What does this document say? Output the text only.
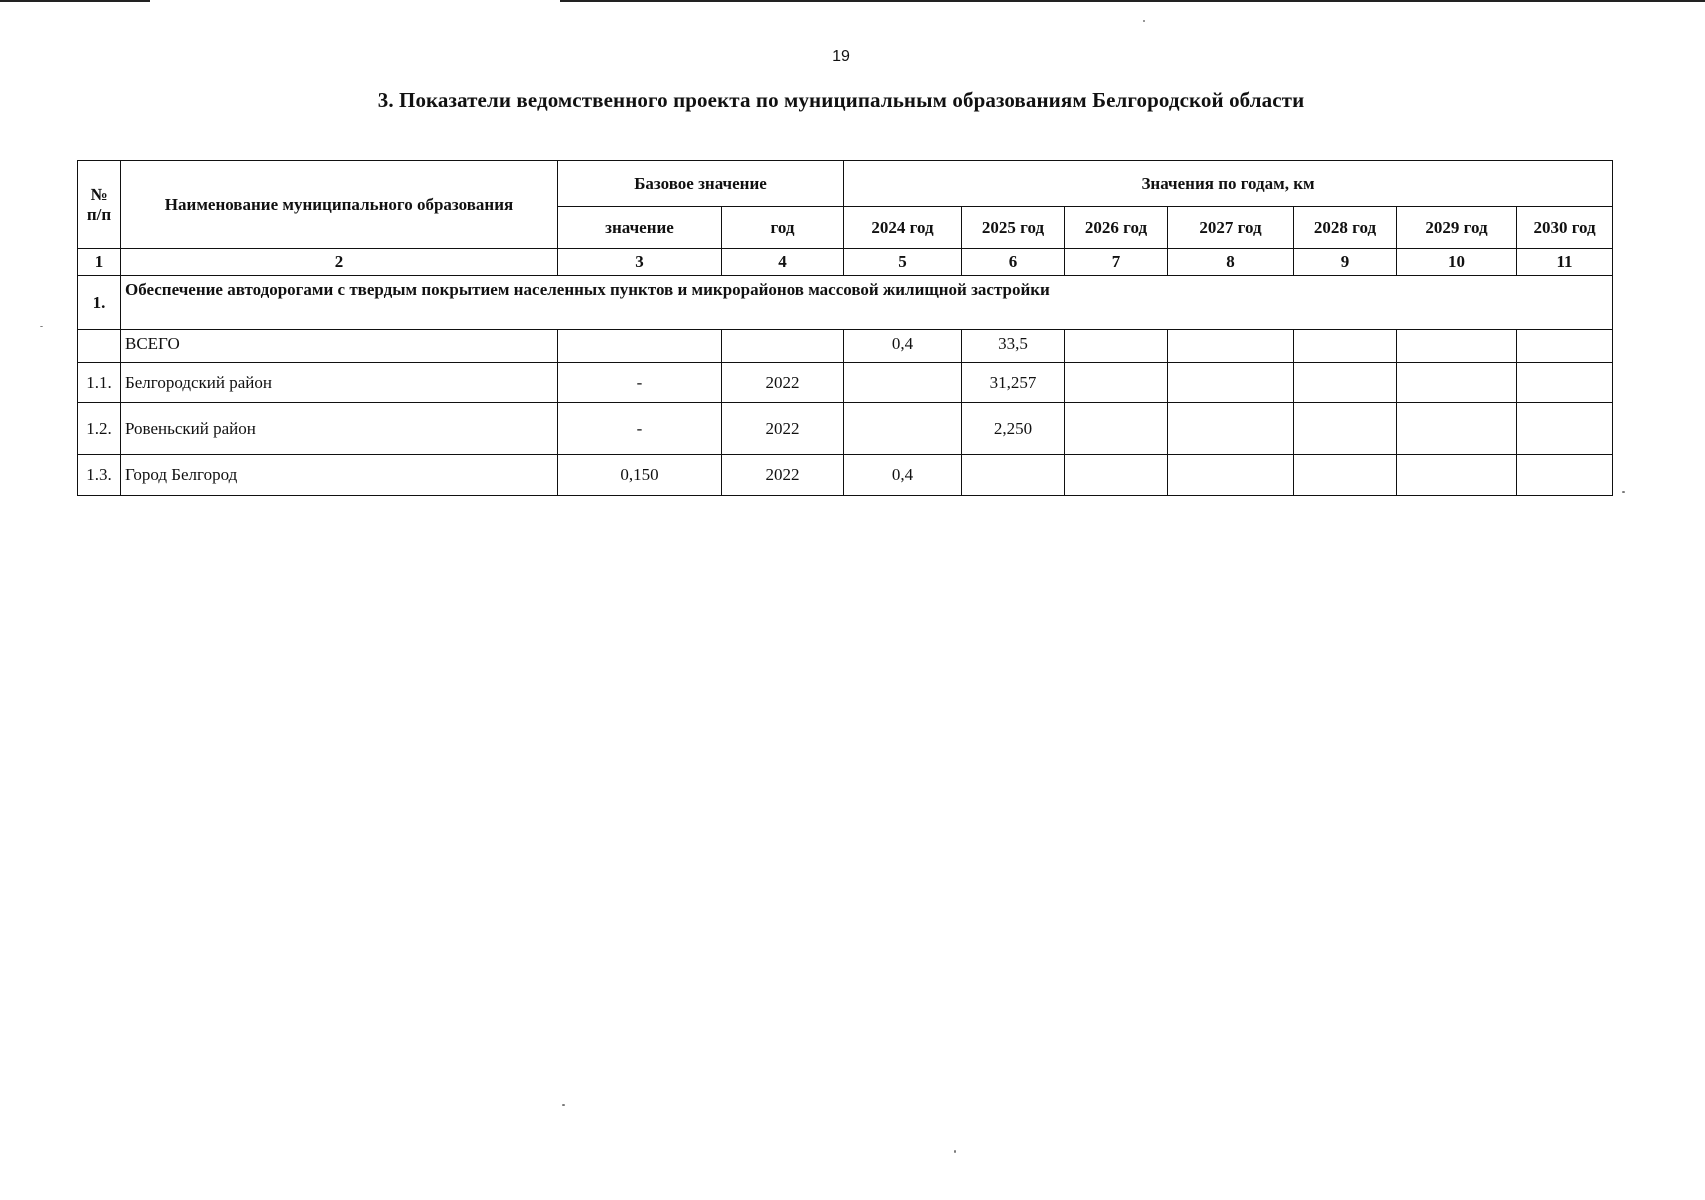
19
3. Показатели ведомственного проекта по муниципальным образованиям Белгородской области
№ п/п	Наименование муниципального образования	Базовое значение		Значения по годам, км						
		значение	год	2024 год	2025 год	2026 год	2027 год	2028 год	2029 год	2030 год
1	2	3	4	5	6	7	8	9	10	11
1.	Обеспечение автодорогами с твердым покрытием населенных пунктов и микрорайонов массовой жилищной застройки									
	ВСЕГО			0,4	33,5					
1.1.	Белгородский район	-	2022		31,257					
1.2.	Ровеньский район	-	2022		2,250					
1.3.	Город Белгород	0,150	2022	0,4						
